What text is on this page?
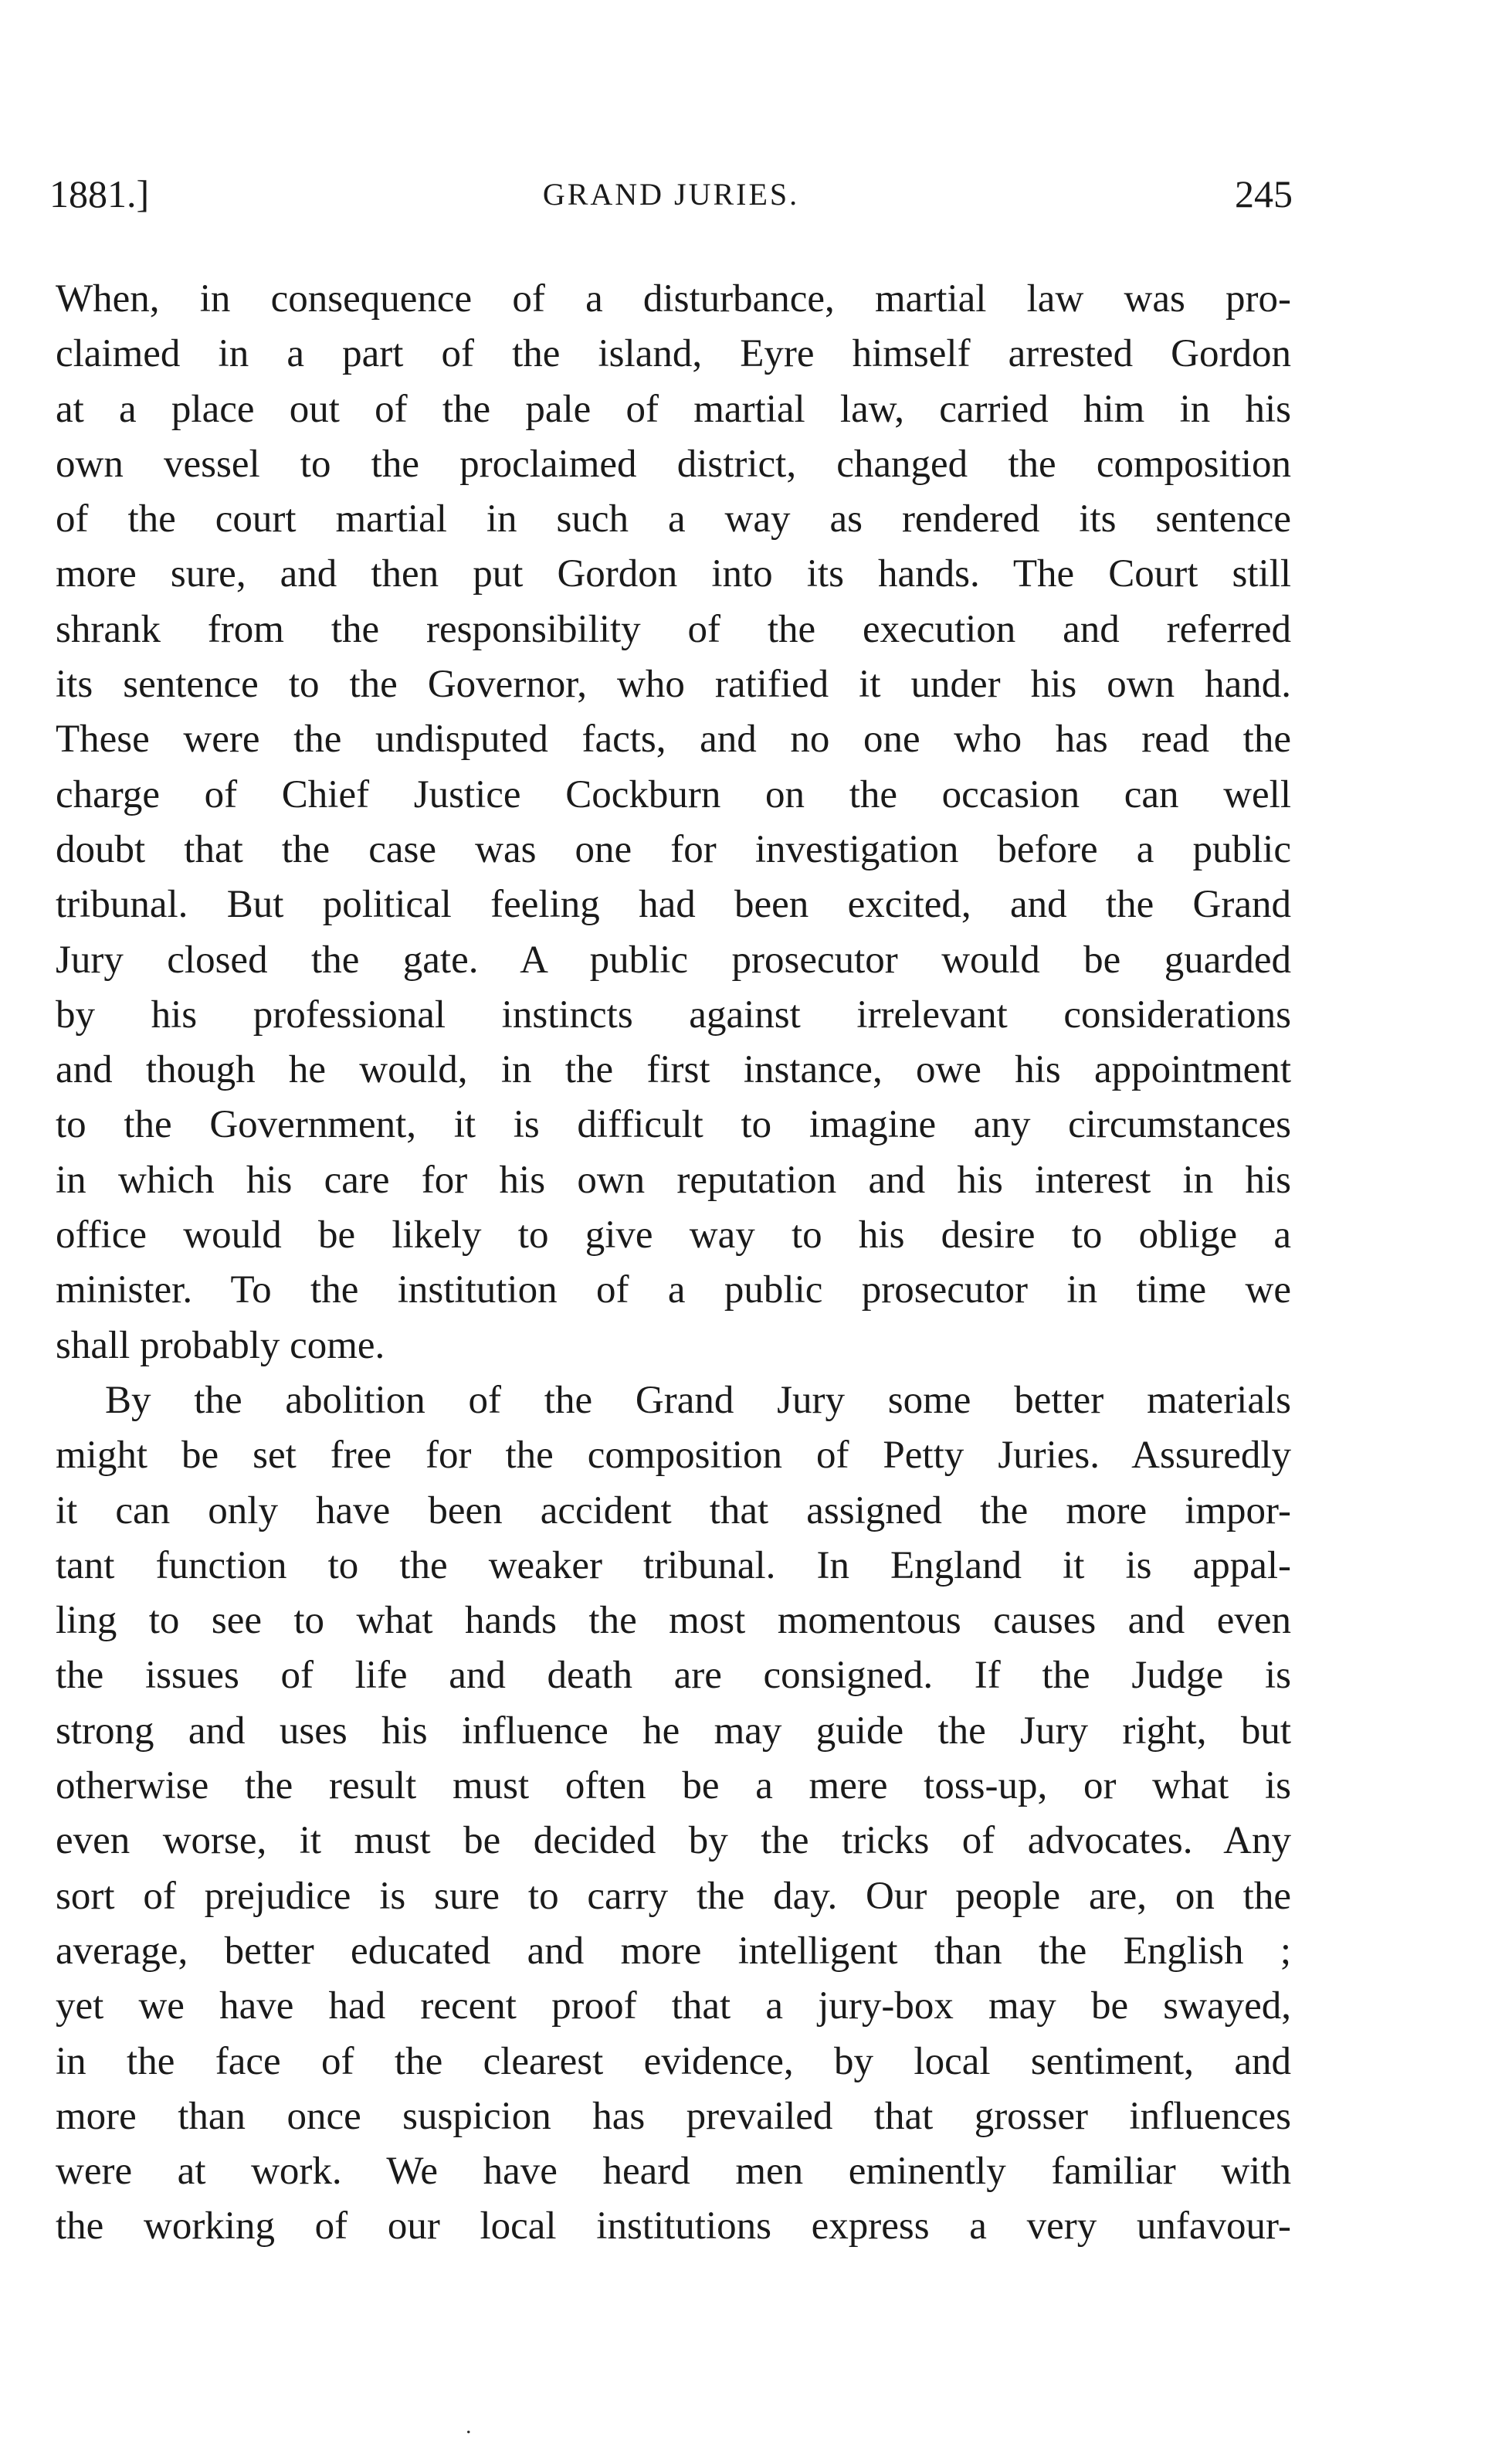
1881.]	GRAND JURIES.	245
When, in consequence of a disturbance, martial law was pro-
claimed in a part of the island, Eyre himself arrested Gordon
at a place out of the pale of martial law, carried him in his
own vessel to the proclaimed district, changed the composition
of the court martial in such a way as rendered its sentence
more sure, and then put Gordon into its hands. The Court still
shrank from the responsibility of the execution and referred
its sentence to the Governor, who ratified it under his own hand.
These were the undisputed facts, and no one who has read the
charge of Chief Justice Cockburn on the occasion can well
doubt that the case was one for investigation before a public
tribunal. But political feeling had been excited, and the Grand
Jury closed the gate. A public prosecutor would be guarded
by his professional instincts against irrelevant considerations
and though he would, in the first instance, owe his appointment
to the Government, it is difficult to imagine any circumstances
in which his care for his own reputation and his interest in his
office would be likely to give way to his desire to oblige a
minister. To the institution of a public prosecutor in time we
shall probably come.
By the abolition of the Grand Jury some better materials
might be set free for the composition of Petty Juries. Assuredly
it can only have been accident that assigned the more impor-
tant function to the weaker tribunal. In England it is appal-
ling to see to what hands the most momentous causes and even
the issues of life and death are consigned. If the Judge is
strong and uses his influence he may guide the Jury right, but
otherwise the result must often be a mere toss-up, or what is
even worse, it must be decided by the tricks of advocates. Any
sort of prejudice is sure to carry the day. Our people are, on the
average, better educated and more intelligent than the English ;
yet we have had recent proof that a jury-box may be swayed,
in the face of the clearest evidence, by local sentiment, and
more than once suspicion has prevailed that grosser influences
were at work. We have heard men eminently familiar with
the working of our local institutions express a very unfavour-
.
